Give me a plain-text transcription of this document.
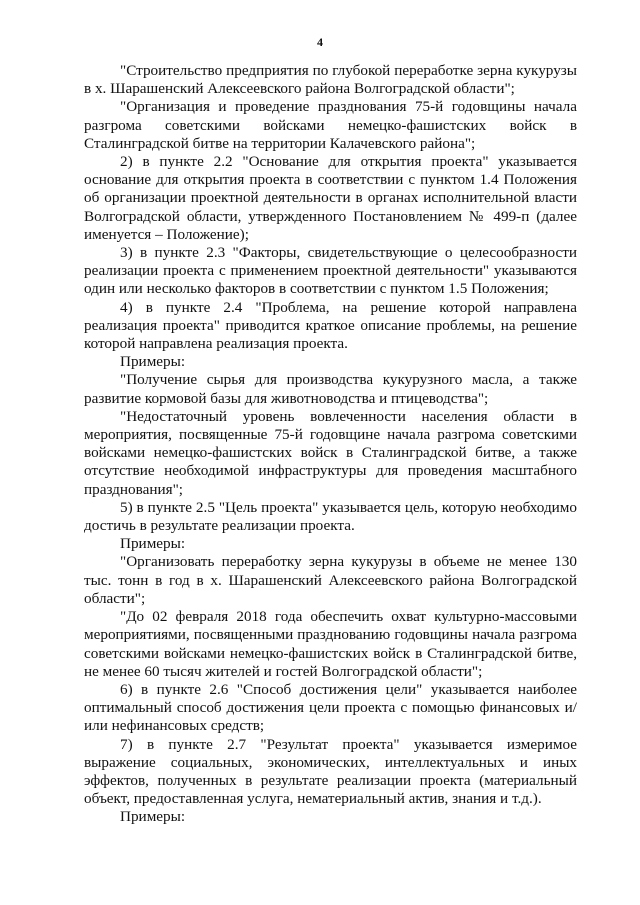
4

"Строительство предприятия по глубокой переработке зерна кукурузы в х. Шарашенский Алексеевского района Волгоградской области";

"Организация и проведение празднования 75-й годовщины начала разгрома советскими войсками немецко-фашистских войск в Сталинградской битве на территории Калачевского района";

2) в пункте 2.2 "Основание для открытия проекта" указывается основание для открытия проекта в соответствии с пунктом 1.4 Положения об организации проектной деятельности в органах исполнительной власти Волгоградской области, утвержденного Постановлением № 499-п (далее именуется – Положение);

3) в пункте 2.3 "Факторы, свидетельствующие о целесообразности реализации проекта с применением проектной деятельности" указываются один или несколько факторов в соответствии с пунктом 1.5 Положения;

4) в пункте 2.4 "Проблема, на решение которой направлена реализация проекта" приводится краткое описание проблемы, на решение которой направлена реализация проекта.

Примеры:

"Получение сырья для производства кукурузного масла, а также развитие кормовой базы для животноводства и птицеводства";

"Недостаточный уровень вовлеченности населения области в мероприятия, посвященные 75-й годовщине начала разгрома советскими войсками немецко-фашистских войск в Сталинградской битве, а также отсутствие необходимой инфраструктуры для проведения масштабного празднования";

5) в пункте 2.5 "Цель проекта" указывается цель, которую необходимо достичь в результате реализации проекта.

Примеры:

"Организовать переработку зерна кукурузы в объеме не менее 130 тыс. тонн в год в х. Шарашенский Алексеевского района Волгоградской области";

"До 02 февраля 2018 года обеспечить охват культурно-массовыми мероприятиями, посвященными празднованию годовщины начала разгрома советскими войсками немецко-фашистских войск в Сталинградской битве, не менее 60 тысяч жителей и гостей Волгоградской области";

6) в пункте 2.6 "Способ достижения цели" указывается наиболее оптимальный способ достижения цели проекта с помощью финансовых и/или нефинансовых средств;

7) в пункте 2.7 "Результат проекта" указывается измеримое выражение социальных, экономических, интеллектуальных и иных эффектов, полученных в результате реализации проекта (материальный объект, предоставленная услуга, нематериальный актив, знания и т.д.).

Примеры:
